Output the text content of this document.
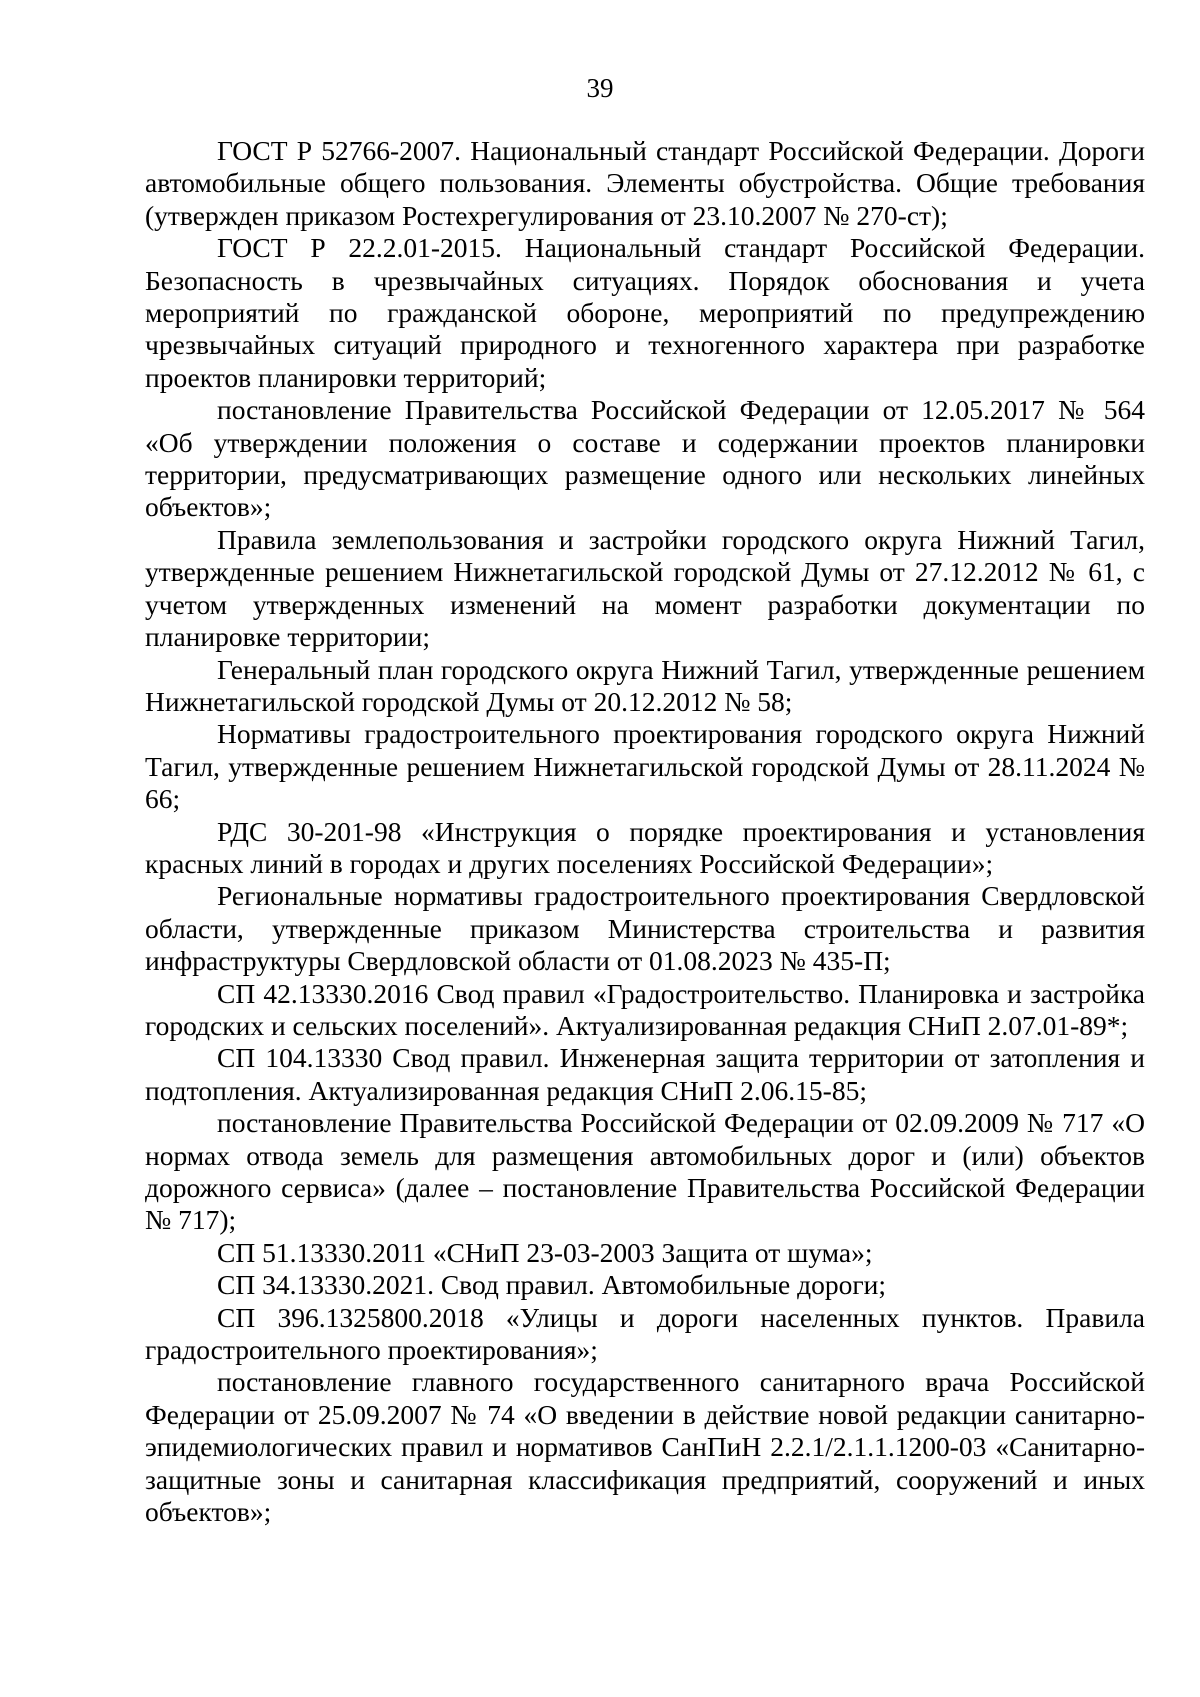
39

ГОСТ Р 52766-2007. Национальный стандарт Российской Федерации. Дороги автомобильные общего пользования. Элементы обустройства. Общие требования (утвержден приказом Ростехрегулирования от 23.10.2007 № 270-ст);

ГОСТ Р 22.2.01-2015. Национальный стандарт Российской Федерации. Безопасность в чрезвычайных ситуациях. Порядок обоснования и учета мероприятий по гражданской обороне, мероприятий по предупреждению чрезвычайных ситуаций природного и техногенного характера при разработке проектов планировки территорий;

постановление Правительства Российской Федерации от 12.05.2017 № 564 «Об утверждении положения о составе и содержании проектов планировки территории, предусматривающих размещение одного или нескольких линейных объектов»;

Правила землепользования и застройки городского округа Нижний Тагил, утвержденные решением Нижнетагильской городской Думы от 27.12.2012 № 61, с учетом утвержденных изменений на момент разработки документации по планировке территории;

Генеральный план городского округа Нижний Тагил, утвержденные решением Нижнетагильской городской Думы от 20.12.2012 № 58;

Нормативы градостроительного проектирования городского округа Нижний Тагил, утвержденные решением Нижнетагильской городской Думы от 28.11.2024 № 66;

РДС 30-201-98 «Инструкция о порядке проектирования и установления красных линий в городах и других поселениях Российской Федерации»;

Региональные нормативы градостроительного проектирования Свердловской области, утвержденные приказом Министерства строительства и развития инфраструктуры Свердловской области от 01.08.2023 № 435-П;

СП 42.13330.2016 Свод правил «Градостроительство. Планировка и застройка городских и сельских поселений». Актуализированная редакция СНиП 2.07.01-89*;

СП 104.13330 Свод правил. Инженерная защита территории от затопления и подтопления. Актуализированная редакция СНиП 2.06.15-85;

постановление Правительства Российской Федерации от 02.09.2009 № 717 «О нормах отвода земель для размещения автомобильных дорог и (или) объектов дорожного сервиса» (далее – постановление Правительства Российской Федерации № 717);

СП 51.13330.2011 «СНиП 23-03-2003 Защита от шума»;

СП 34.13330.2021. Свод правил. Автомобильные дороги;

СП 396.1325800.2018 «Улицы и дороги населенных пунктов. Правила градостроительного проектирования»;

постановление главного государственного санитарного врача Российской Федерации от 25.09.2007 № 74 «О введении в действие новой редакции санитарно-эпидемиологических правил и нормативов СанПиН 2.2.1/2.1.1.1200-03 «Санитарно-защитные зоны и санитарная классификация предприятий, сооружений и иных объектов»;
